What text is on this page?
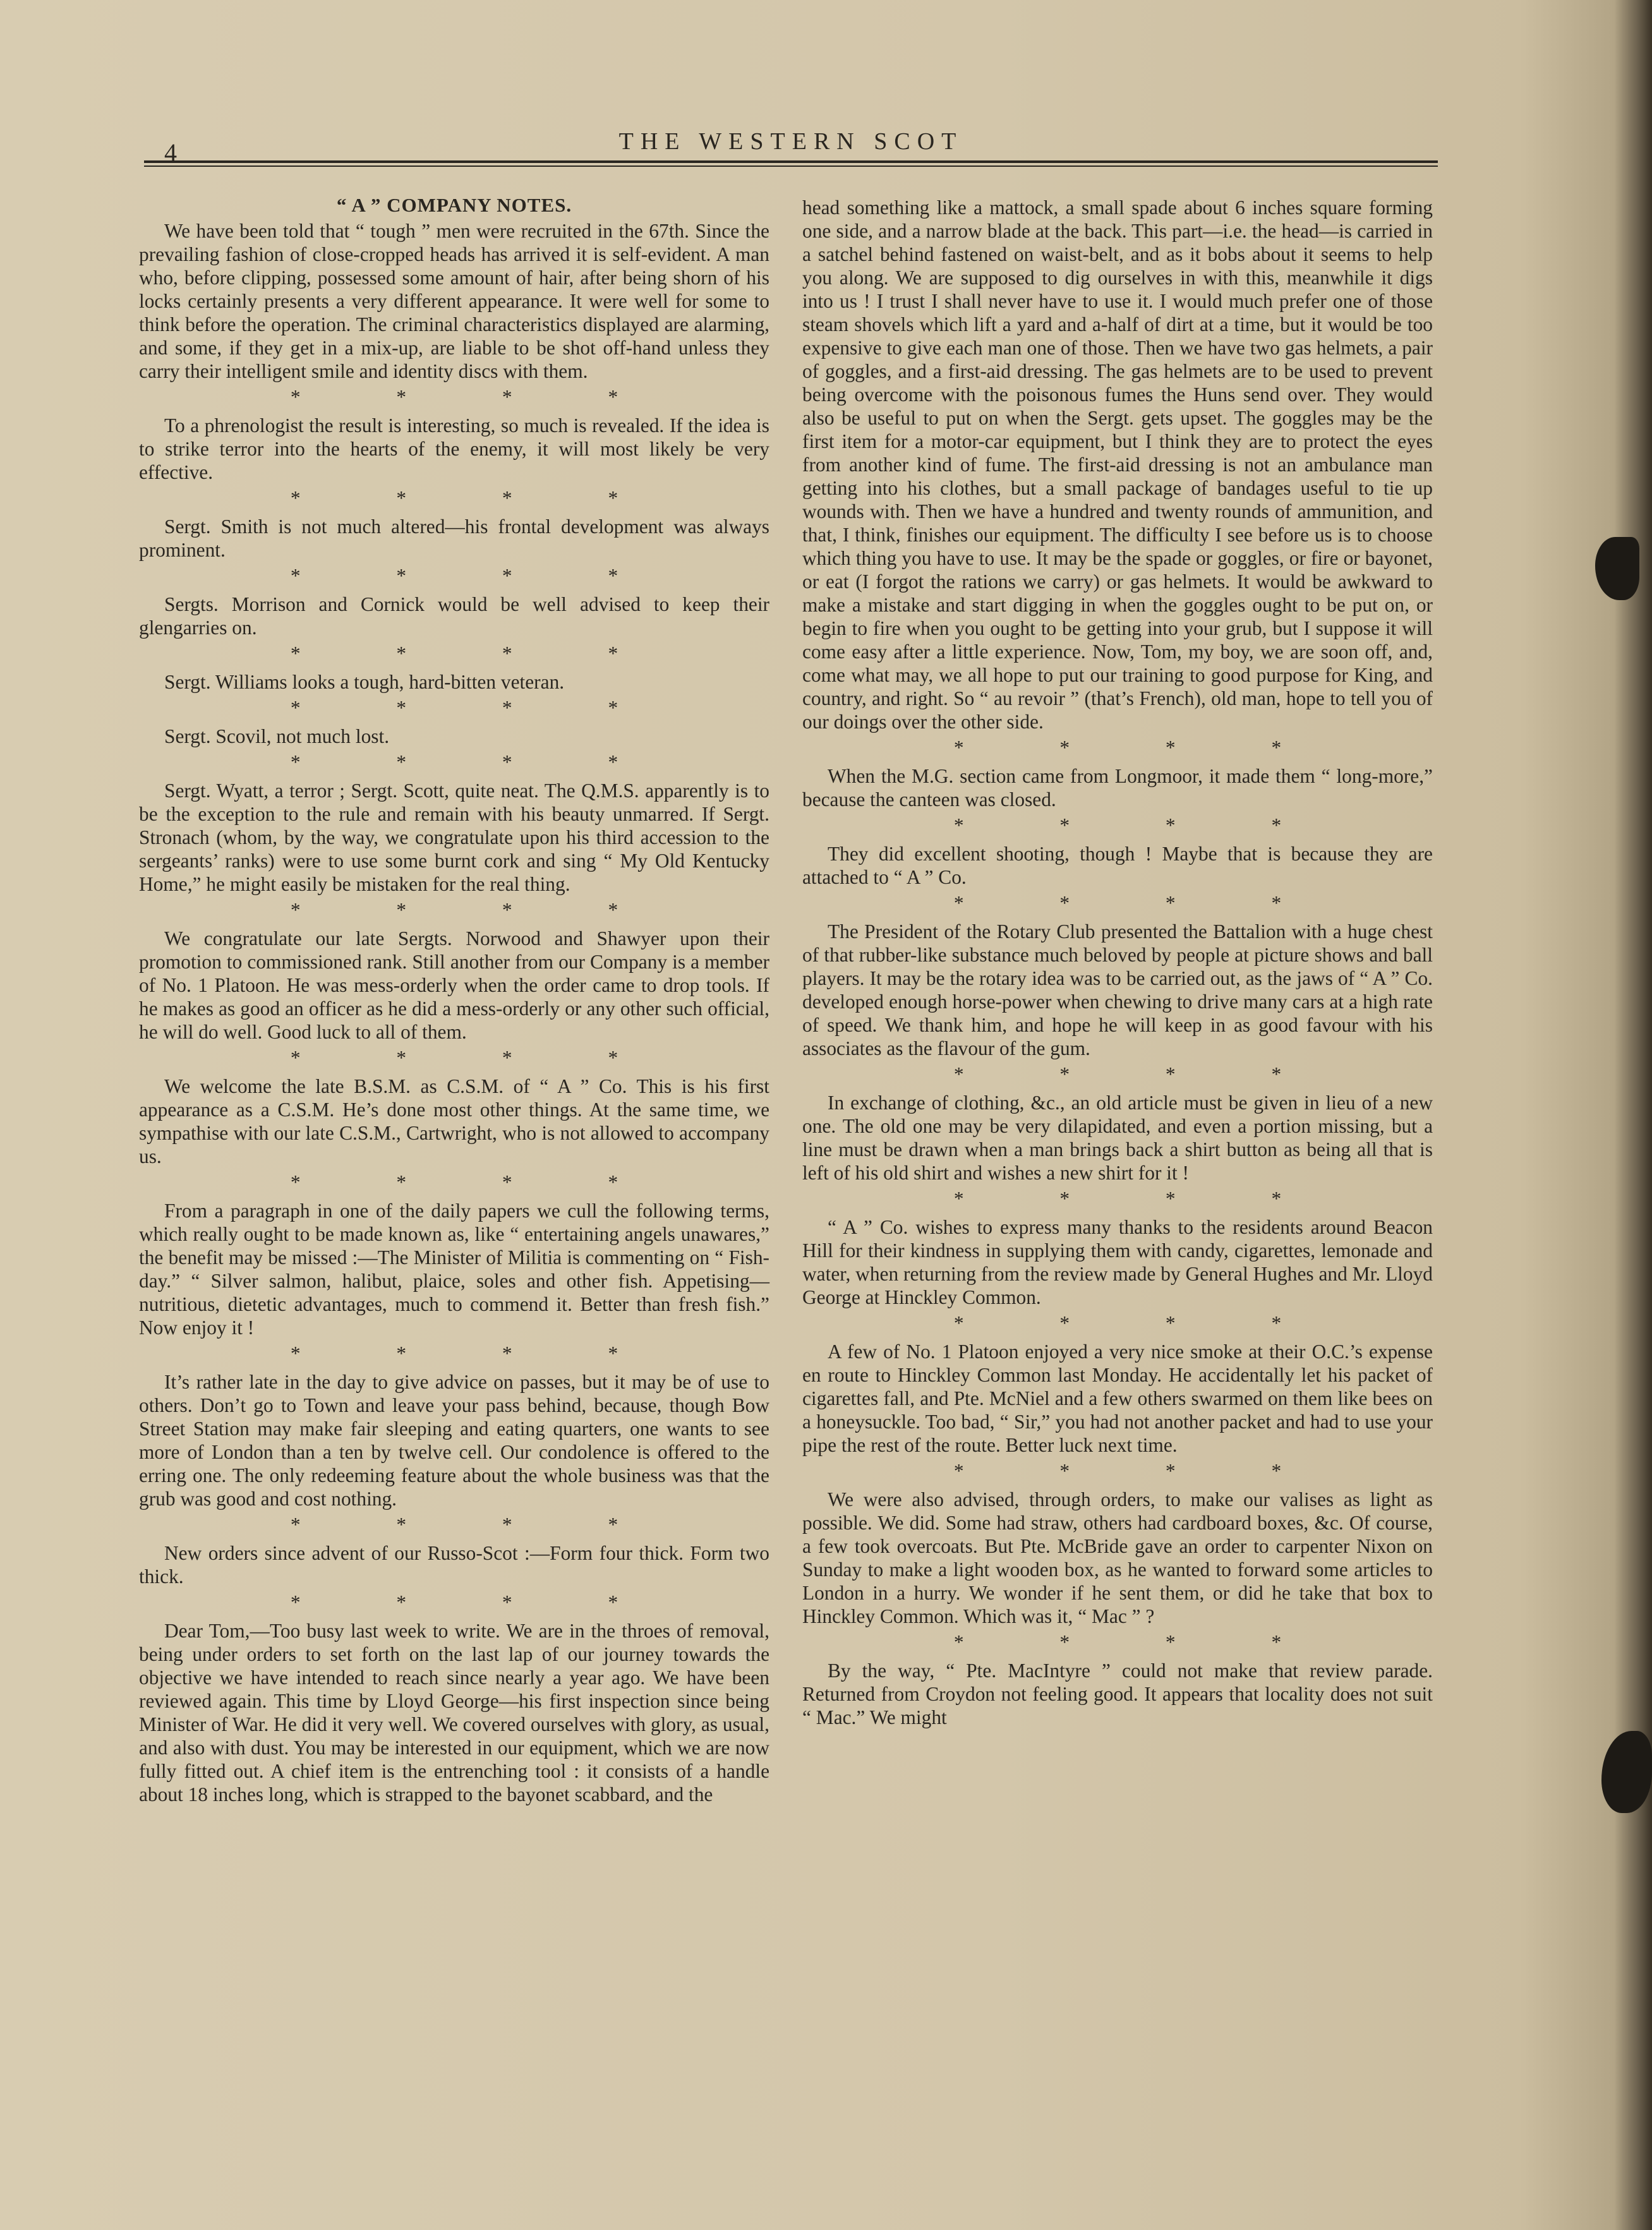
4	THE WESTERN SCOT
“ A ” COMPANY NOTES.

We have been told that “ tough ” men were recruited in the 67th. Since the prevailing fashion of close-cropped heads has arrived it is self-evident. A man who, before clipping, possessed some amount of hair, after being shorn of his locks certainly presents a very different appearance. It were well for some to think before the operation. The criminal characteristics displayed are alarming, and some, if they get in a mix-up, are liable to be shot off-hand unless they carry their intelligent smile and identity discs with them.

* * * *

To a phrenologist the result is interesting, so much is revealed. If the idea is to strike terror into the hearts of the enemy, it will most likely be very effective.

* * * *

Sergt. Smith is not much altered—his frontal development was always prominent.

* * * *

Sergts. Morrison and Cornick would be well advised to keep their glengarries on.

* * * *

Sergt. Williams looks a tough, hard-bitten veteran.

* * * *

Sergt. Scovil, not much lost.

* * * *

Sergt. Wyatt, a terror ; Sergt. Scott, quite neat. The Q.M.S. apparently is to be the exception to the rule and remain with his beauty unmarred. If Sergt. Stronach (whom, by the way, we congratulate upon his third accession to the sergeants’ ranks) were to use some burnt cork and sing “ My Old Kentucky Home,” he might easily be mistaken for the real thing.

* * * *

We congratulate our late Sergts. Norwood and Shawyer upon their promotion to commissioned rank. Still another from our Company is a member of No. 1 Platoon. He was mess-orderly when the order came to drop tools. If he makes as good an officer as he did a mess-orderly or any other such official, he will do well. Good luck to all of them.

* * * *

We welcome the late B.S.M. as C.S.M. of “ A ” Co. This is his first appearance as a C.S.M. He’s done most other things. At the same time, we sympathise with our late C.S.M., Cartwright, who is not allowed to accompany us.

* * * *

From a paragraph in one of the daily papers we cull the following terms, which really ought to be made known as, like “ entertaining angels unawares,” the benefit may be missed :—The Minister of Militia is commenting on “ Fish-day.” “ Silver salmon, halibut, plaice, soles and other fish. Appetising—nutritious, dietetic advantages, much to commend it. Better than fresh fish.” Now enjoy it !

* * * *

It’s rather late in the day to give advice on passes, but it may be of use to others. Don’t go to Town and leave your pass behind, because, though Bow Street Station may make fair sleeping and eating quarters, one wants to see more of London than a ten by twelve cell. Our condolence is offered to the erring one. The only redeeming feature about the whole business was that the grub was good and cost nothing.

* * * *

New orders since advent of our Russo-Scot :—Form four thick. Form two thick.

* * * *

Dear Tom,—Too busy last week to write. We are in the throes of removal, being under orders to set forth on the last lap of our journey towards the objective we have intended to reach since nearly a year ago. We have been reviewed again. This time by Lloyd George—his first inspection since being Minister of War. He did it very well. We covered ourselves with glory, as usual, and also with dust. You may be interested in our equipment, which we are now fully fitted out. A chief item is the entrenching tool : it consists of a handle about 18 inches long, which is strapped to the bayonet scabbard, and the

head something like a mattock, a small spade about 6 inches square forming one side, and a narrow blade at the back. This part—i.e. the head—is carried in a satchel behind fastened on waist-belt, and as it bobs about it seems to help you along. We are supposed to dig ourselves in with this, meanwhile it digs into us ! I trust I shall never have to use it. I would much prefer one of those steam shovels which lift a yard and a-half of dirt at a time, but it would be too expensive to give each man one of those. Then we have two gas helmets, a pair of goggles, and a first-aid dressing. The gas helmets are to be used to prevent being overcome with the poisonous fumes the Huns send over. They would also be useful to put on when the Sergt. gets upset. The goggles may be the first item for a motor-car equipment, but I think they are to protect the eyes from another kind of fume. The first-aid dressing is not an ambulance man getting into his clothes, but a small package of bandages useful to tie up wounds with. Then we have a hundred and twenty rounds of ammunition, and that, I think, finishes our equipment. The difficulty I see before us is to choose which thing you have to use. It may be the spade or goggles, or fire or bayonet, or eat (I forgot the rations we carry) or gas helmets. It would be awkward to make a mistake and start digging in when the goggles ought to be put on, or begin to fire when you ought to be getting into your grub, but I suppose it will come easy after a little experience. Now, Tom, my boy, we are soon off, and, come what may, we all hope to put our training to good purpose for King, and country, and right. So “ au revoir ” (that’s French), old man, hope to tell you of our doings over the other side.

* * * *

When the M.G. section came from Longmoor, it made them “ long-more,” because the canteen was closed.

* * * *

They did excellent shooting, though ! Maybe that is because they are attached to “ A ” Co.

* * * *

The President of the Rotary Club presented the Battalion with a huge chest of that rubber-like substance much beloved by people at picture shows and ball players. It may be the rotary idea was to be carried out, as the jaws of “ A ” Co. developed enough horse-power when chewing to drive many cars at a high rate of speed. We thank him, and hope he will keep in as good favour with his associates as the flavour of the gum.

* * * *

In exchange of clothing, &c., an old article must be given in lieu of a new one. The old one may be very dilapidated, and even a portion missing, but a line must be drawn when a man brings back a shirt button as being all that is left of his old shirt and wishes a new shirt for it !

* * * *

“ A ” Co. wishes to express many thanks to the residents around Beacon Hill for their kindness in supplying them with candy, cigarettes, lemonade and water, when returning from the review made by General Hughes and Mr. Lloyd George at Hinckley Common.

* * * *

A few of No. 1 Platoon enjoyed a very nice smoke at their O.C.’s expense en route to Hinckley Common last Monday. He accidentally let his packet of cigarettes fall, and Pte. McNiel and a few others swarmed on them like bees on a honeysuckle. Too bad, “ Sir,” you had not another packet and had to use your pipe the rest of the route. Better luck next time.

* * * *

We were also advised, through orders, to make our valises as light as possible. We did. Some had straw, others had cardboard boxes, &c. Of course, a few took overcoats. But Pte. McBride gave an order to carpenter Nixon on Sunday to make a light wooden box, as he wanted to forward some articles to London in a hurry. We wonder if he sent them, or did he take that box to Hinckley Common. Which was it, “ Mac ” ?

* * * *

By the way, “ Pte. MacIntyre ” could not make that review parade. Returned from Croydon not feeling good. It appears that locality does not suit “ Mac.” We might
